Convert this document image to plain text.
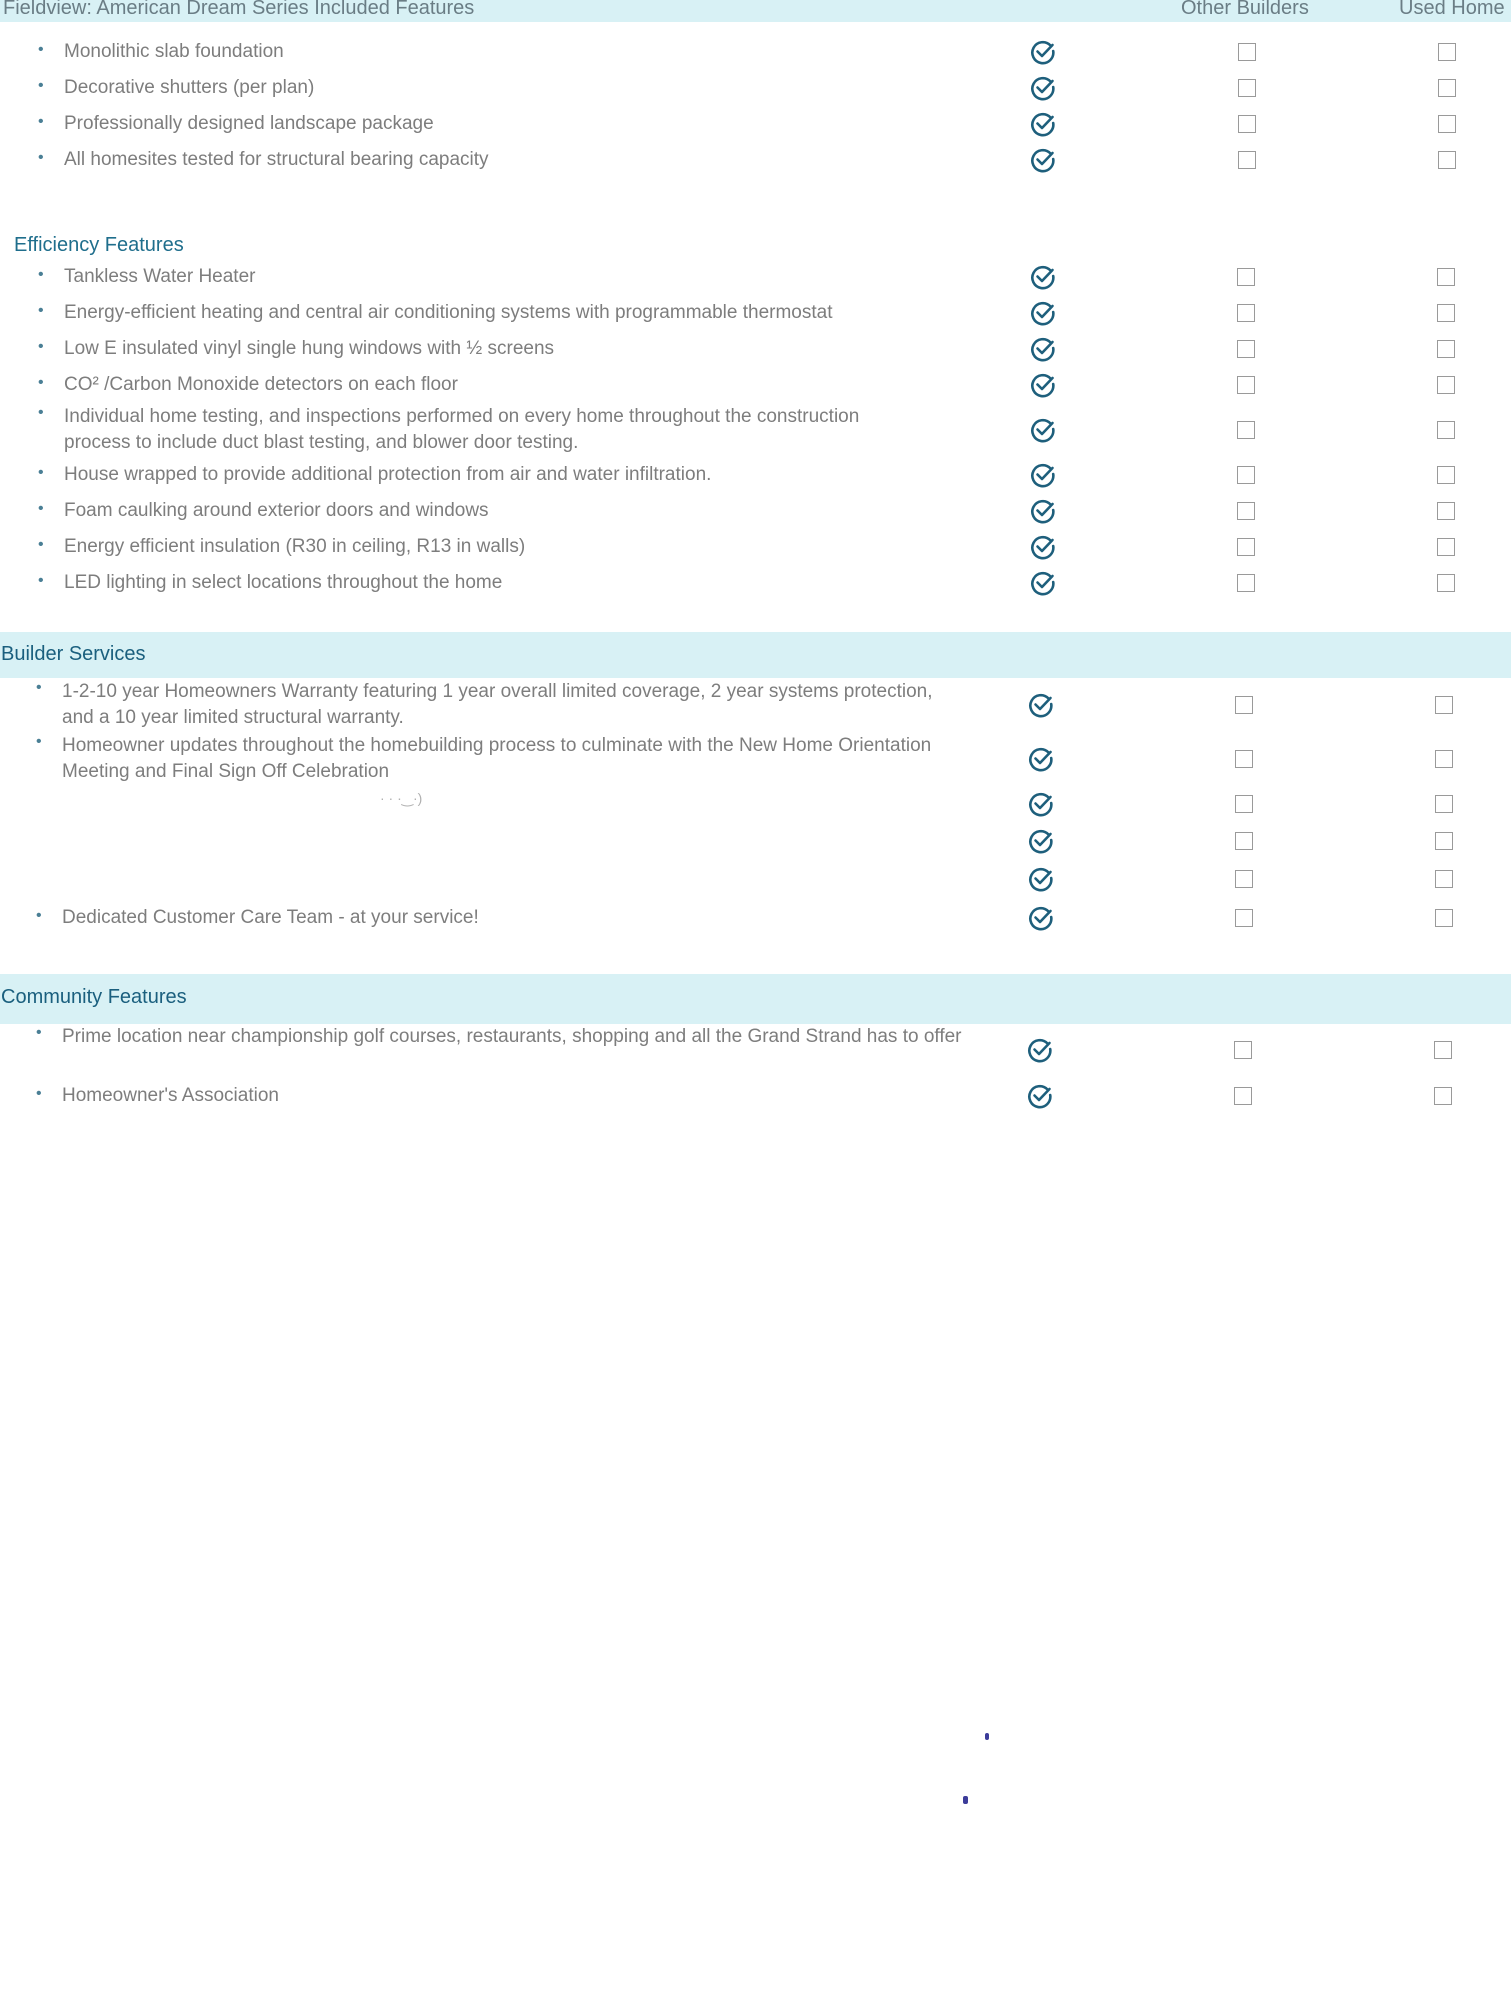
Fieldview: American Dream Series Included Features	Other Builders	Used Home
Efficiency Features
Builder Services
Community Features
• Monolithic slab foundation
• Decorative shutters (per plan)
• Professionally designed landscape package
• All homesites tested for structural bearing capacity
• Tankless Water Heater
• Energy-efficient heating and central air conditioning systems with programmable thermostat
• Low E insulated vinyl single hung windows with ½ screens
• CO² /Carbon Monoxide detectors on each floor
• Individual home testing, and inspections performed on every home throughout the construction process to include duct blast testing, and blower door testing.
• House wrapped to provide additional protection from air and water infiltration.
• Foam caulking around exterior doors and windows
• Energy efficient insulation (R30 in ceiling, R13 in walls)
• LED lighting in select locations throughout the home
• 1-2-10 year Homeowners Warranty featuring 1 year overall limited coverage, 2 year systems protection, and a 10 year limited structural warranty.
• Homeowner updates throughout the homebuilding process to culminate with the New Home Orientation Meeting and Final Sign Off Celebration
• Dedicated Customer Care Team - at your service!
• Prime location near championship golf courses, restaurants, shopping and all the Grand Strand has to offer
• Homeowner's Association
· · ·‿·)
